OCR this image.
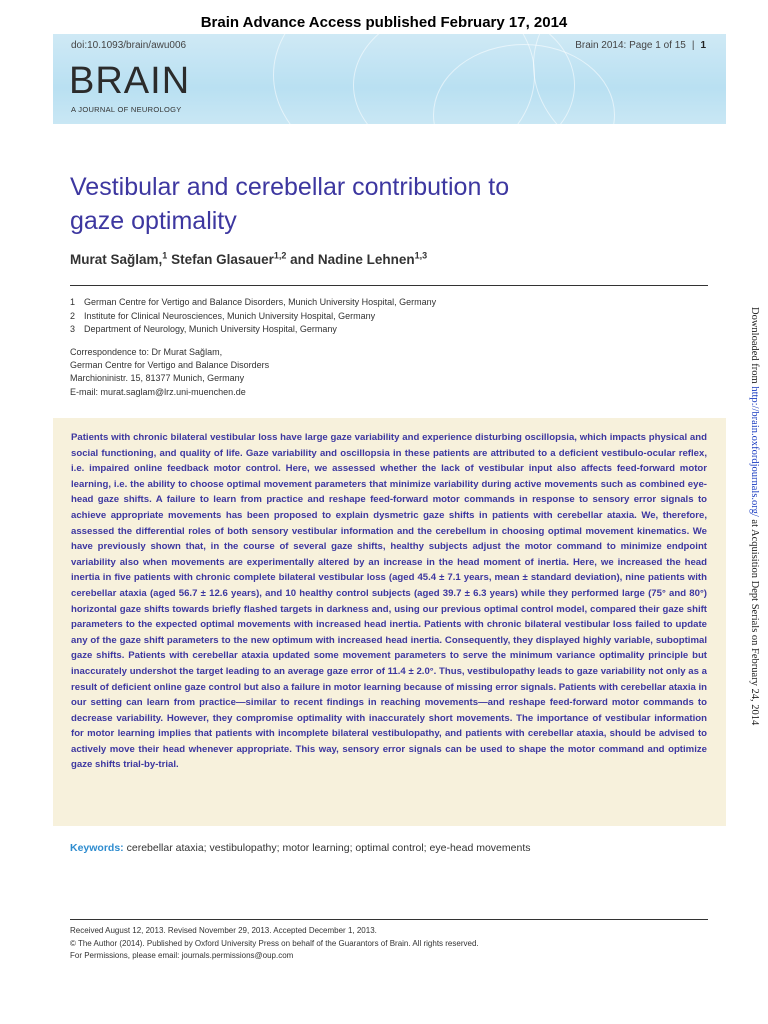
Brain Advance Access published February 17, 2014
doi:10.1093/brain/awu006	Brain 2014: Page 1 of 15 | 1
BRAIN
A JOURNAL OF NEUROLOGY
Vestibular and cerebellar contribution to
gaze optimality
Murat Sağlam,$^1$ Stefan Glasauer$^{1,2}$ and Nadine Lehnen$^{1,3}$
1 German Centre for Vertigo and Balance Disorders, Munich University Hospital, Germany
2 Institute for Clinical Neurosciences, Munich University Hospital, Germany
3 Department of Neurology, Munich University Hospital, Germany
Correspondence to: Dr Murat Sağlam,
German Centre for Vertigo and Balance Disorders
Marchioninistr. 15, 81377 Munich, Germany
E-mail: murat.saglam@lrz.uni-muenchen.de

Patients with chronic bilateral vestibular loss have large gaze variability and experience disturbing oscillopsia, which impacts physical and social functioning, and quality of life. Gaze variability and oscillopsia in these patients are attributed to a deficient vestibulo-ocular reflex, i.e. impaired online feedback motor control. Here, we assessed whether the lack of vestibular input also affects feed-forward motor learning, i.e. the ability to choose optimal movement parameters that minimize variability during active movements such as combined eye-head gaze shifts. A failure to learn from practice and reshape feed-forward motor commands in response to sensory error signals to achieve appropriate movements has been proposed to explain dysmetric gaze shifts in patients with cerebellar ataxia. We, therefore, assessed the differential roles of both sensory vestibular information and the cerebellum in choosing optimal movement kinematics. We have previously shown that, in the course of several gaze shifts, healthy subjects adjust the motor command to minimize endpoint variability also when movements are experimentally altered by an increase in the head moment of inertia. Here, we increased the head inertia in five patients with chronic complete bilateral vestibular loss (aged 45.4 ± 7.1 years, mean ± standard deviation), nine patients with cerebellar ataxia (aged 56.7 ± 12.6 years), and 10 healthy control subjects (aged 39.7 ± 6.3 years) while they performed large (75° and 80°) horizontal gaze shifts towards briefly flashed targets in darkness and, using our previous optimal control model, compared their gaze shift parameters to the expected optimal movements with increased head inertia. Patients with chronic bilateral vestibular loss failed to update any of the gaze shift parameters to the new optimum with increased head inertia. Consequently, they displayed highly variable, suboptimal gaze shifts. Patients with cerebellar ataxia updated some movement parameters to serve the minimum variance optimality principle but inaccurately undershot the target leading to an average gaze error of 11.4 ± 2.0°. Thus, vestibulopathy leads to gaze variability not only as a result of deficient online gaze control but also a failure in motor learning because of missing error signals. Patients with cerebellar ataxia in our setting can learn from practice—similar to recent findings in reaching movements—and reshape feed-forward motor commands to decrease variability. However, they compromise optimality with inaccurately short movements. The importance of vestibular information for motor learning implies that patients with incomplete bilateral vestibulopathy, and patients with cerebellar ataxia, should be advised to actively move their head whenever appropriate. This way, sensory error signals can be used to shape the motor command and optimize gaze shifts trial-by-trial.

Keywords: cerebellar ataxia; vestibulopathy; motor learning; optimal control; eye-head movements
Received August 12, 2013. Revised November 29, 2013. Accepted December 1, 2013.
© The Author (2014). Published by Oxford University Press on behalf of the Guarantors of Brain. All rights reserved.
For Permissions, please email: journals.permissions@oup.com
Downloaded from http://brain.oxfordjournals.org/ at Acquisition Dept Serials on February 24, 2014
